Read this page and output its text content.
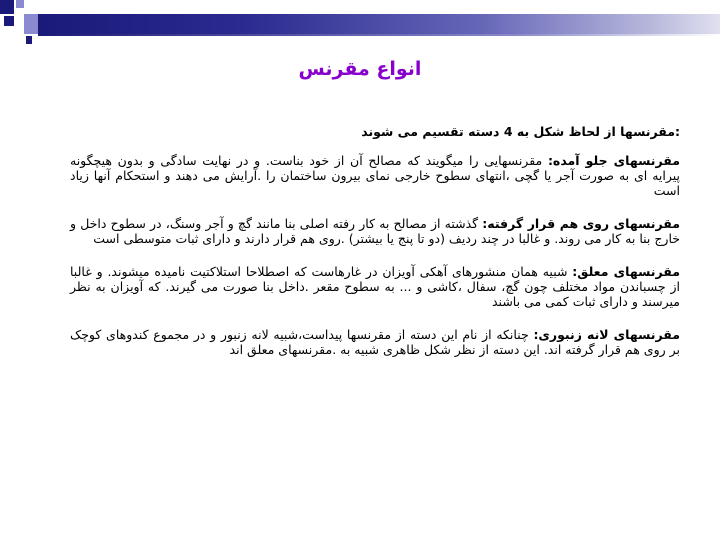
انواع مقرنس

:مقرنسها از لحاظ شکل به 4 دسته تقسیم می شوند

مقرنسهای جلو آمده: مقرنسهایی را میگویند که مصالح آن از خود بناست. و در نهایت سادگی و بدون هیچگونه پیرایه ای به صورت آجر یا گچی ،انتهای سطوح خارجی نمای بیرون ساختمان را .آرایش می دهند و استحکام آنها زیاد است

مقرنسهای روی هم قرار گرفته: گذشته از مصالح به کار رفته اصلی بنا مانند گچ و آجر وسنگ، در سطوح داخل و خارج بنا به کار می روند. و غالبا در چند ردیف (دو تا پنج یا بیشتر) .روی هم قرار دارند و دارای ثبات متوسطی است

مقرنسهای معلق: شبیه همان منشورهای آهکی آویزان در غارهاست که اصطلاحا استلاکتیت نامیده میشوند. و غالبا از چسباندن مواد مختلف چون گچ، سفال ،کاشی و ... به سطوح مقعر .داخل بنا صورت می گیرند. که آویزان به نظر میرسند و دارای ثبات کمی می باشند

مقرنسهای لانه زنبوری: چنانکه از نام این دسته از مقرنسها پیداست،شبیه لانه زنبور و در مجموع کندوهای کوچک بر روی هم قرار گرفته اند. این دسته از نظر شکل ظاهری شبیه به .مقرنسهای معلق اند
